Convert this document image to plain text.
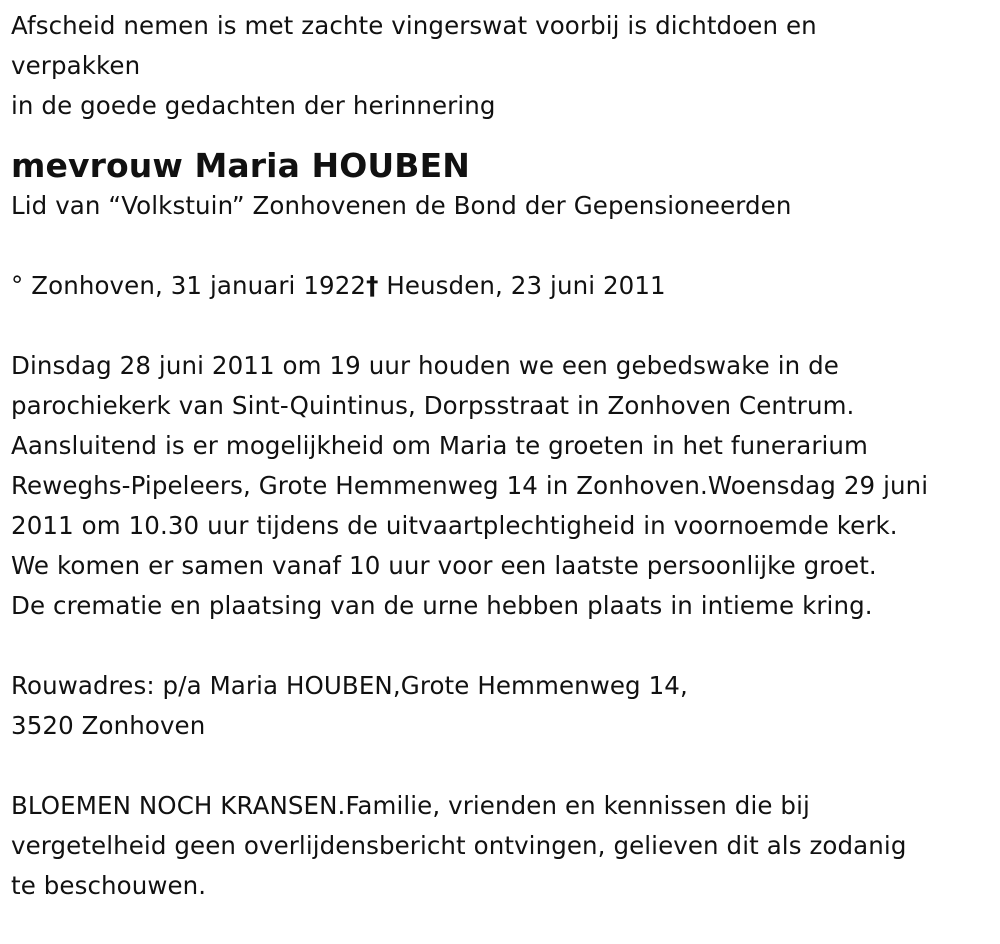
Afscheid nemen is met zachte vingerswat voorbij is dichtdoen en
verpakken
in de goede gedachten der herinnering
mevrouw Maria HOUBEN
Lid van “Volkstuin” Zonhovenen de Bond der Gepensioneerden
° Zonhoven, 31 januari 1922† Heusden, 23 juni 2011
Dinsdag 28 juni 2011 om 19 uur houden we een gebedswake in de
parochiekerk van Sint-Quintinus, Dorpsstraat in Zonhoven Centrum.
Aansluitend is er mogelijkheid om Maria te groeten in het funerarium
Reweghs-Pipeleers, Grote Hemmenweg 14 in Zonhoven.Woensdag 29 juni
2011 om 10.30 uur tijdens de uitvaartplechtigheid in voornoemde kerk.
We komen er samen vanaf 10 uur voor een laatste persoonlijke groet.
De crematie en plaatsing van de urne hebben plaats in intieme kring.
Rouwadres: p/a Maria HOUBEN,Grote Hemmenweg 14,
3520 Zonhoven
BLOEMEN NOCH KRANSEN.Familie, vrienden en kennissen die bij
vergetelheid geen overlijdensbericht ontvingen, gelieven dit als zodanig
te beschouwen.
